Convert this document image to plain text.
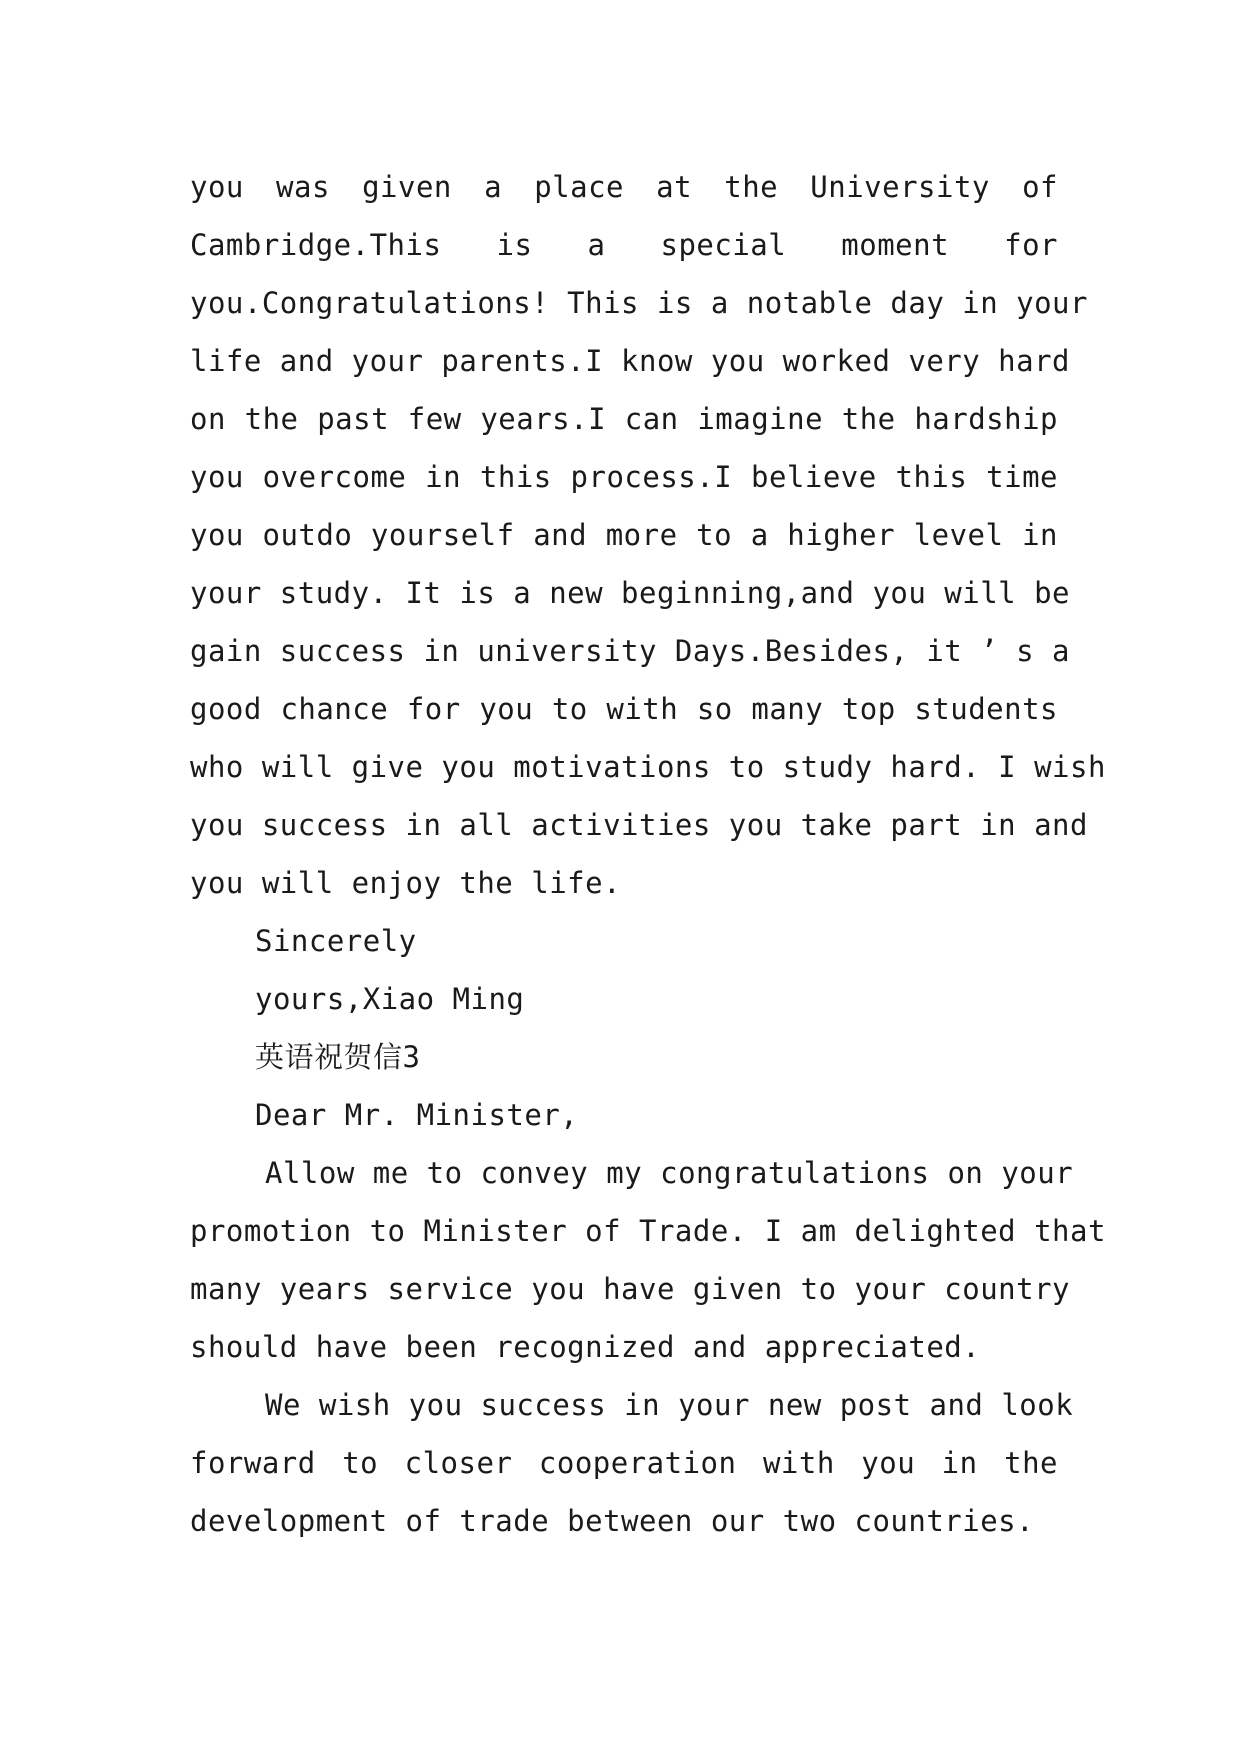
you was given a place at the University of
Cambridge.This is a special moment for
you.Congratulations! This is a notable day in your
life and your parents.I know you worked very hard
on the past few years.I can imagine the hardship
you overcome in this process.I believe this time
you outdo yourself and more to a higher level in
your study. It is a new beginning,and you will be
gain success in university Days.Besides, it ’ s a
good chance for you to with so many top students
who will give you motivations to study hard. I wish
you success in all activities you take part in and
you will enjoy the life.
Sincerely
yours,Xiao Ming
英语祝贺信3
Dear Mr. Minister,
Allow me to convey my congratulations on your
promotion to Minister of Trade. I am delighted that
many years service you have given to your country
should have been recognized and appreciated.
We wish you success in your new post and look
forward to closer cooperation with you in the
development of trade between our two countries.
